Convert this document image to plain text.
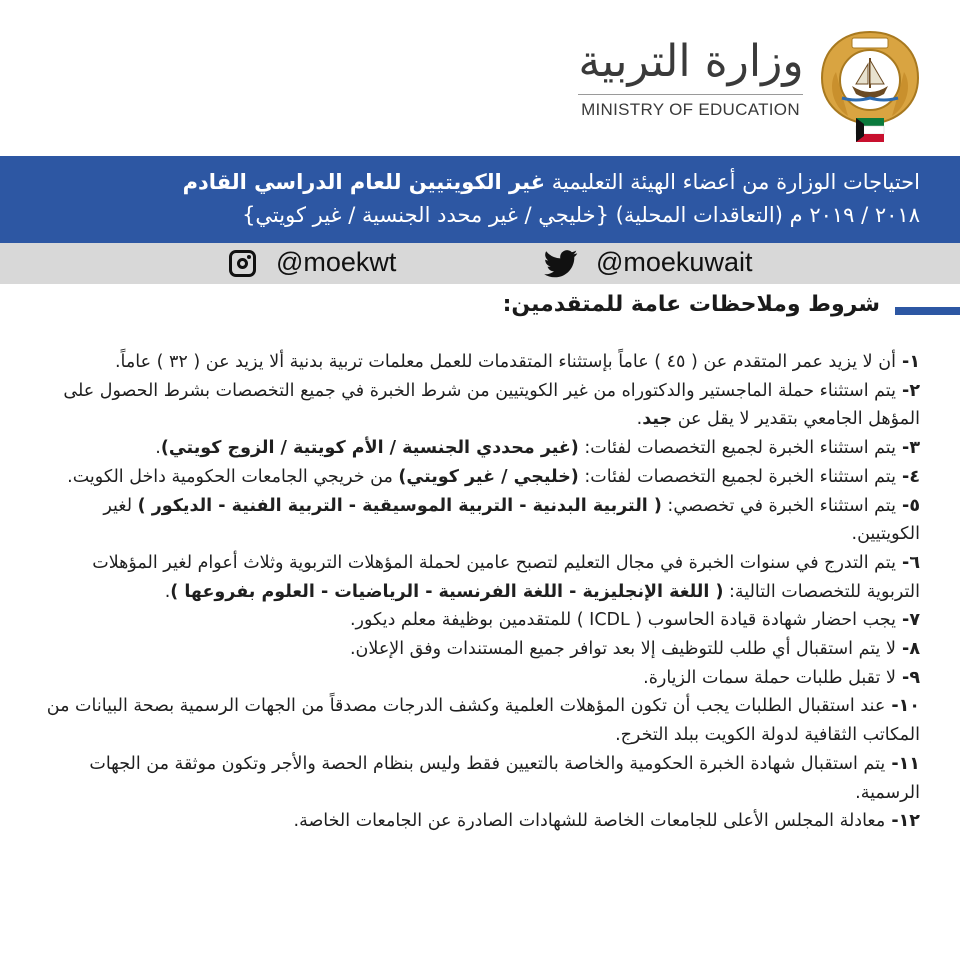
وزارة التربية
MINISTRY OF EDUCATION
احتياجات الوزارة من أعضاء الهيئة التعليمية غير الكويتيين للعام الدراسي القادم
٢٠١٨ / ٢٠١٩ م (التعاقدات المحلية) {خليجي / غير محدد الجنسية / غير كويتي}
@moekwt	@moekuwait
شروط وملاحظات عامة للمتقدمين:
١- أن لا يزيد عمر المتقدم عن ( ٤٥ ) عاماً بإستثناء المتقدمات للعمل معلمات تربية بدنية ألا يزيد عن ( ٣٢ ) عاماً.
٢- يتم استثناء حملة الماجستير والدكتوراه من غير الكويتيين من شرط الخبرة في جميع التخصصات بشرط الحصول على المؤهل الجامعي بتقدير لا يقل عن جيد.
٣- يتم استثناء الخبرة لجميع التخصصات لفئات: (غير محددي الجنسية / الأم كويتية / الزوج كويتي).
٤- يتم استثناء الخبرة لجميع التخصصات لفئات: (خليجي / غير كويتي) من خريجي الجامعات الحكومية داخل الكويت.
٥- يتم استثناء الخبرة في تخصصي: ( التربية البدنية - التربية الموسيقية - التربية الفنية - الديكور ) لغير الكويتيين.
٦- يتم التدرج في سنوات الخبرة في مجال التعليم لتصبح عامين لحملة المؤهلات التربوية وثلاث أعوام لغير المؤهلات التربوية للتخصصات التالية: ( اللغة الإنجليزية - اللغة الفرنسية - الرياضيات - العلوم بفروعها ).
٧- يجب احضار شهادة قيادة الحاسوب ( ICDL ) للمتقدمين بوظيفة معلم ديكور.
٨- لا يتم استقبال أي طلب للتوظيف إلا بعد توافر جميع المستندات وفق الإعلان.
٩- لا تقبل طلبات حملة سمات الزيارة.
١٠- عند استقبال الطلبات يجب أن تكون المؤهلات العلمية وكشف الدرجات مصدقاً من الجهات الرسمية بصحة البيانات من المكاتب الثقافية لدولة الكويت ببلد التخرج.
١١- يتم استقبال شهادة الخبرة الحكومية والخاصة بالتعيين فقط وليس بنظام الحصة والأجر وتكون موثقة من الجهات الرسمية.
١٢- معادلة المجلس الأعلى للجامعات الخاصة للشهادات الصادرة عن الجامعات الخاصة.
